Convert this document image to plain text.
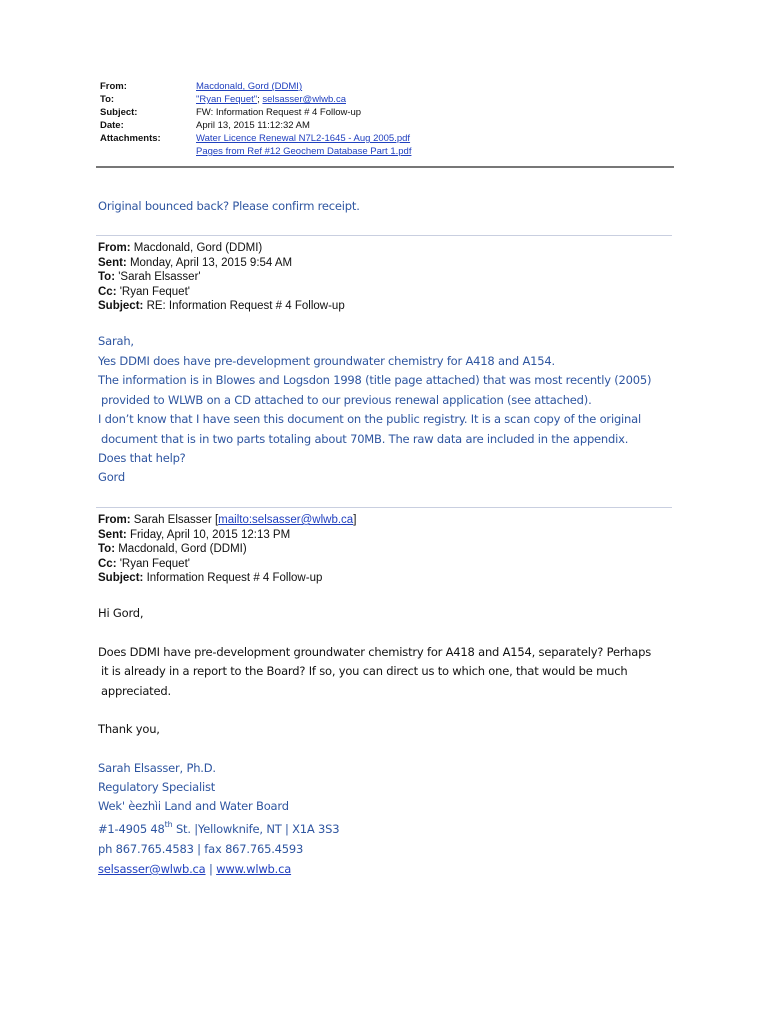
From:	Macdonald, Gord (DDMI)
To:	"Ryan Fequet"; selsasser@wlwb.ca
Subject:	FW: Information Request # 4 Follow-up
Date:	April 13, 2015 11:12:32 AM
Attachments:	Water Licence Renewal N7L2-1645 - Aug 2005.pdf
Pages from Ref #12 Geochem Database Part 1.pdf
Original bounced back? Please confirm receipt.
From: Macdonald, Gord (DDMI)
Sent: Monday, April 13, 2015 9:54 AM
To: 'Sarah Elsasser'
Cc: 'Ryan Fequet'
Subject: RE: Information Request # 4 Follow-up
Sarah,
Yes DDMI does have pre-development groundwater chemistry for A418 and A154.
The information is in Blowes and Logsdon 1998 (title page attached) that was most recently (2005)
provided to WLWB on a CD attached to our previous renewal application (see attached).
I don’t know that I have seen this document on the public registry. It is a scan copy of the original
document that is in two parts totaling about 70MB. The raw data are included in the appendix.
Does that help?
Gord
From: Sarah Elsasser [mailto:selsasser@wlwb.ca]
Sent: Friday, April 10, 2015 12:13 PM
To: Macdonald, Gord (DDMI)
Cc: 'Ryan Fequet'
Subject: Information Request # 4 Follow-up
Hi Gord,
Does DDMI have pre-development groundwater chemistry for A418 and A154, separately? Perhaps
it is already in a report to the Board? If so, you can direct us to which one, that would be much
appreciated.
Thank you,
Sarah Elsasser, Ph.D.
Regulatory Specialist
Wek' èezhìi Land and Water Board
#1-4905 48th St. |Yellowknife, NT | X1A 3S3
ph 867.765.4583 | fax 867.765.4593
selsasser@wlwb.ca | www.wlwb.ca
